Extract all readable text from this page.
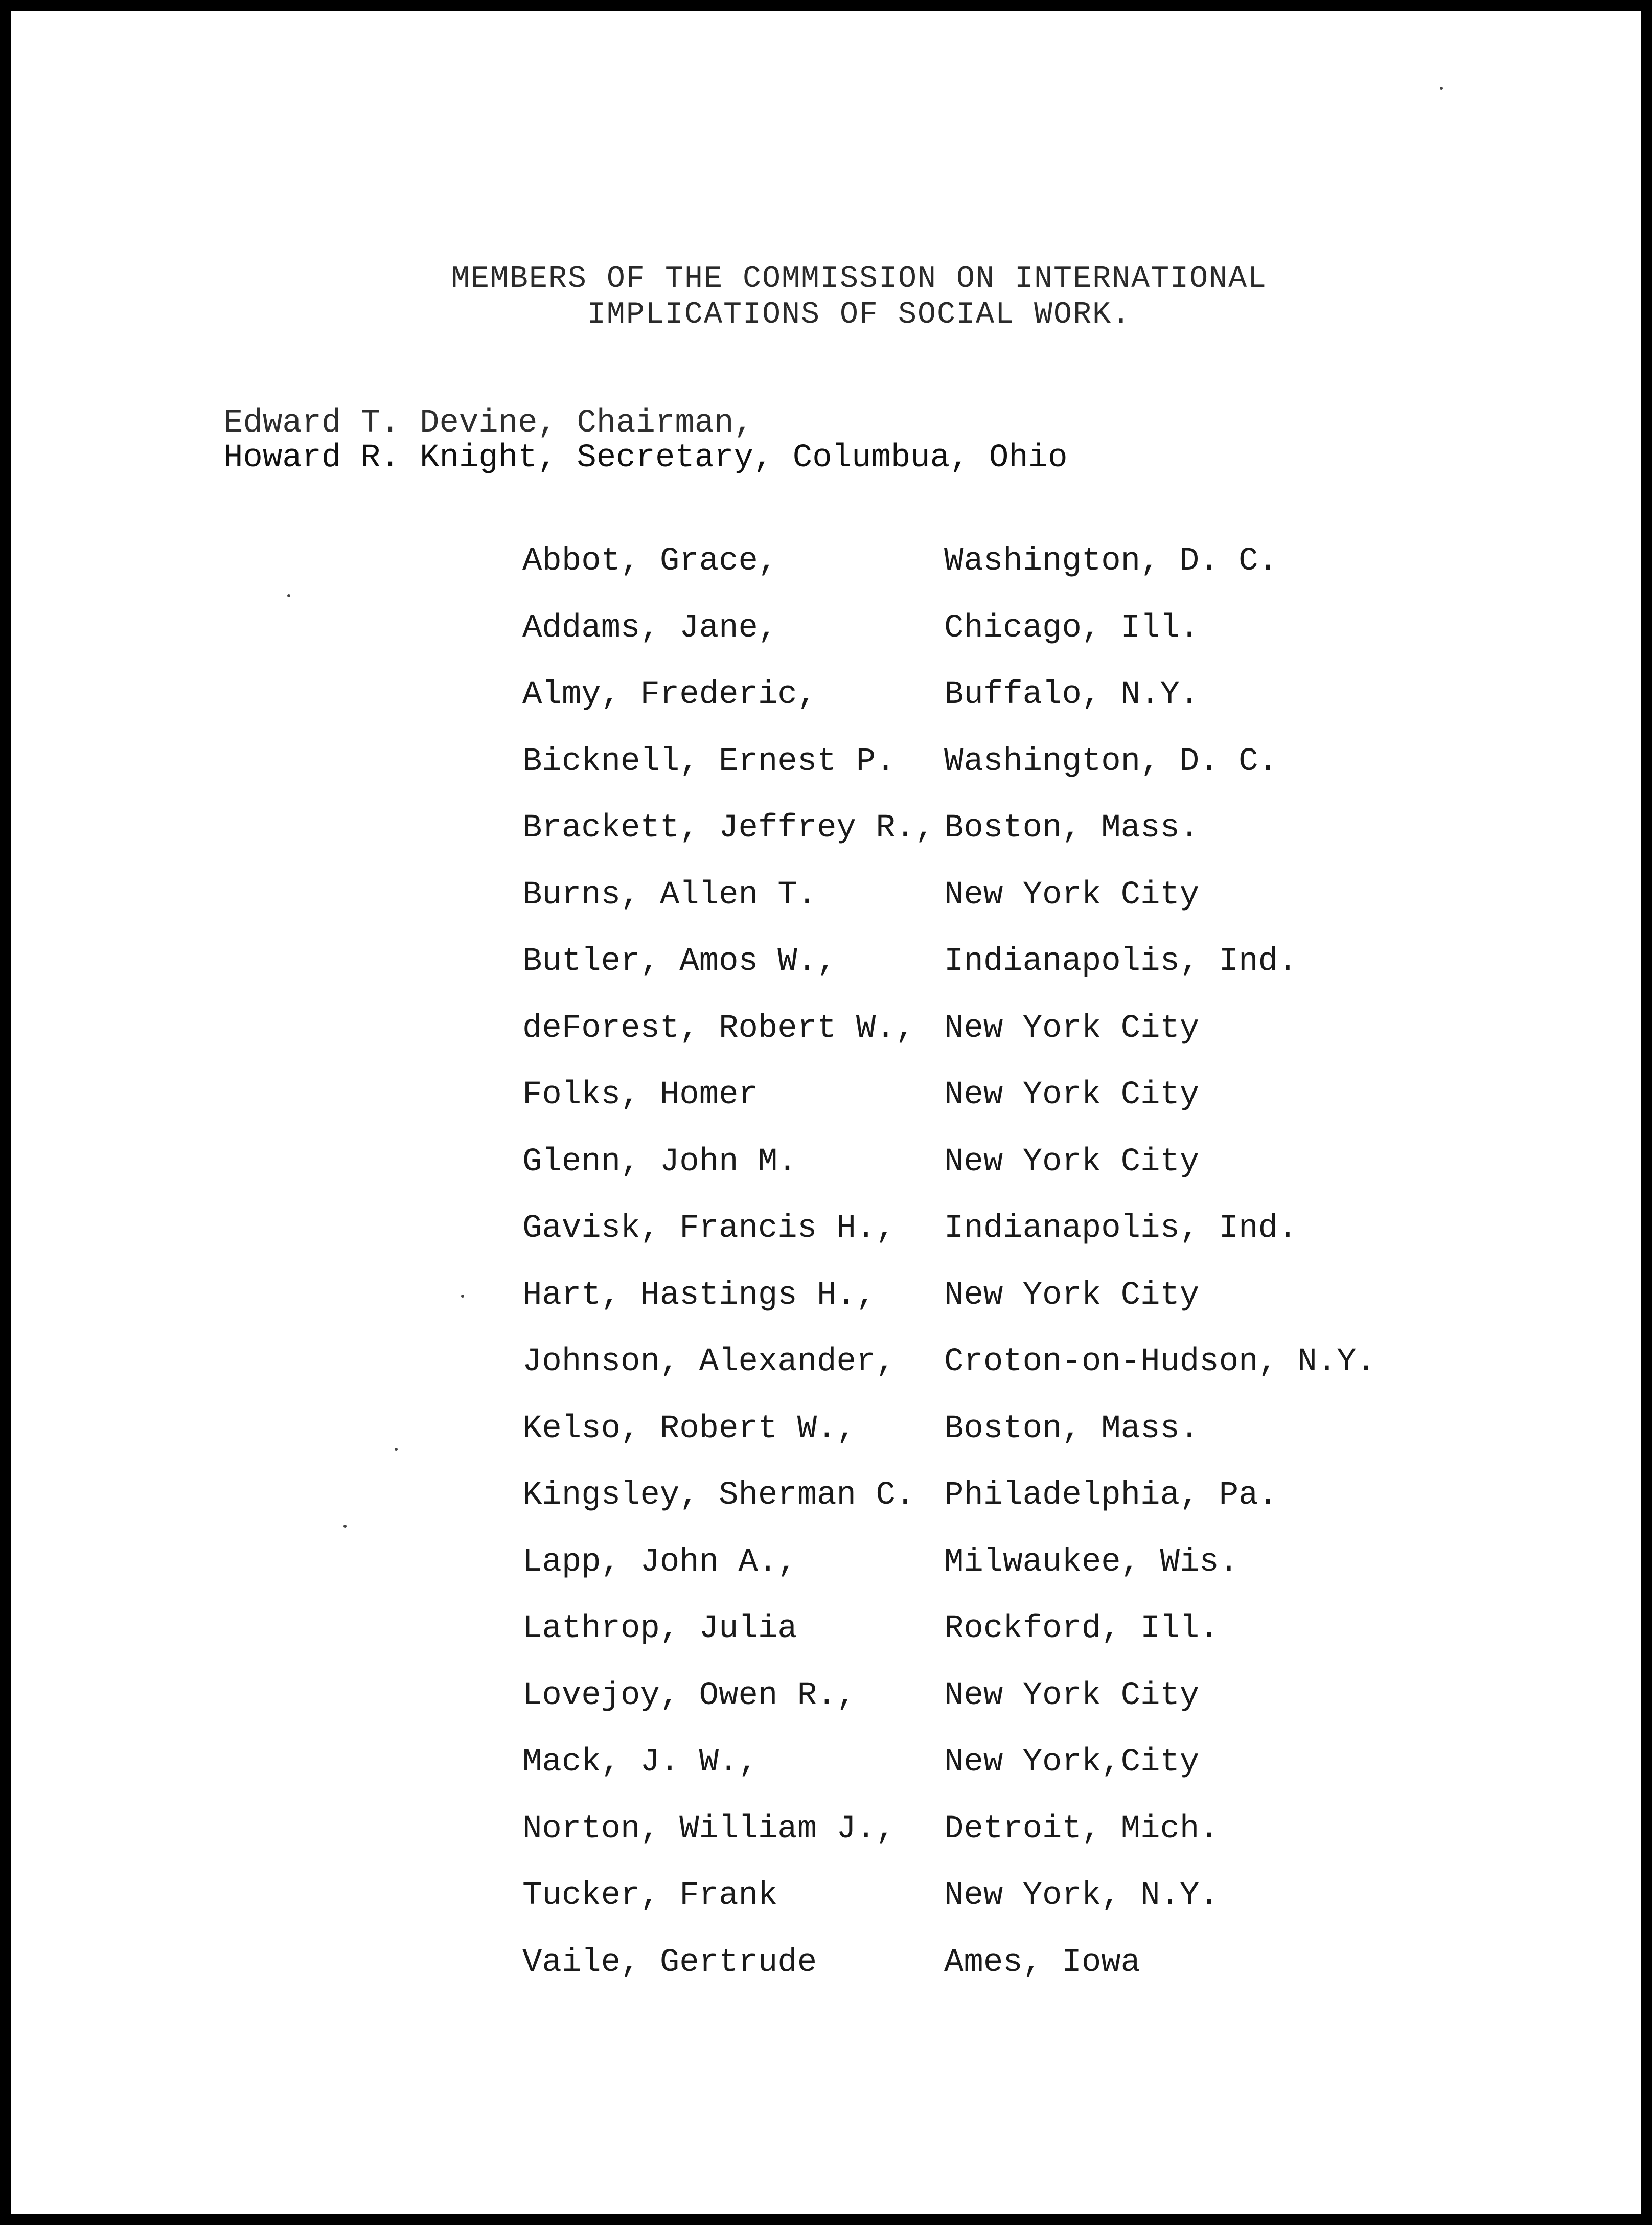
MEMBERS OF THE COMMISSION ON INTERNATIONAL
IMPLICATIONS OF SOCIAL WORK.
Edward T. Devine, Chairman,
Howard R. Knight, Secretary, Columbua, Ohio
Abbot, Grace,	Washington, D. C.
Addams, Jane,	Chicago, Ill.
Almy, Frederic,	Buffalo, N.Y.
Bicknell, Ernest P. Washington, D. C.
Brackett, Jeffrey R., Boston, Mass.
Burns, Allen T.	New York City
Butler, Amos W.,	Indianapolis, Ind.
deForest, Robert W., New York City
Folks, Homer	New York City
Glenn, John M.	New York City
Gavisk, Francis H., Indianapolis, Ind.
Hart, Hastings H., New York City
Johnson, Alexander, Croton-on-Hudson, N.Y.
Kelso, Robert W.,	Boston, Mass.
Kingsley, Sherman C. Philadelphia, Pa.
Lapp, John A.,	Milwaukee, Wis.
Lathrop, Julia	Rockford, Ill.
Lovejoy, Owen R.,	New York City
Mack, J. W.,	New York,City
Norton, William J., Detroit, Mich.
Tucker, Frank	New York, N.Y.
Vaile, Gertrude	Ames, Iowa
